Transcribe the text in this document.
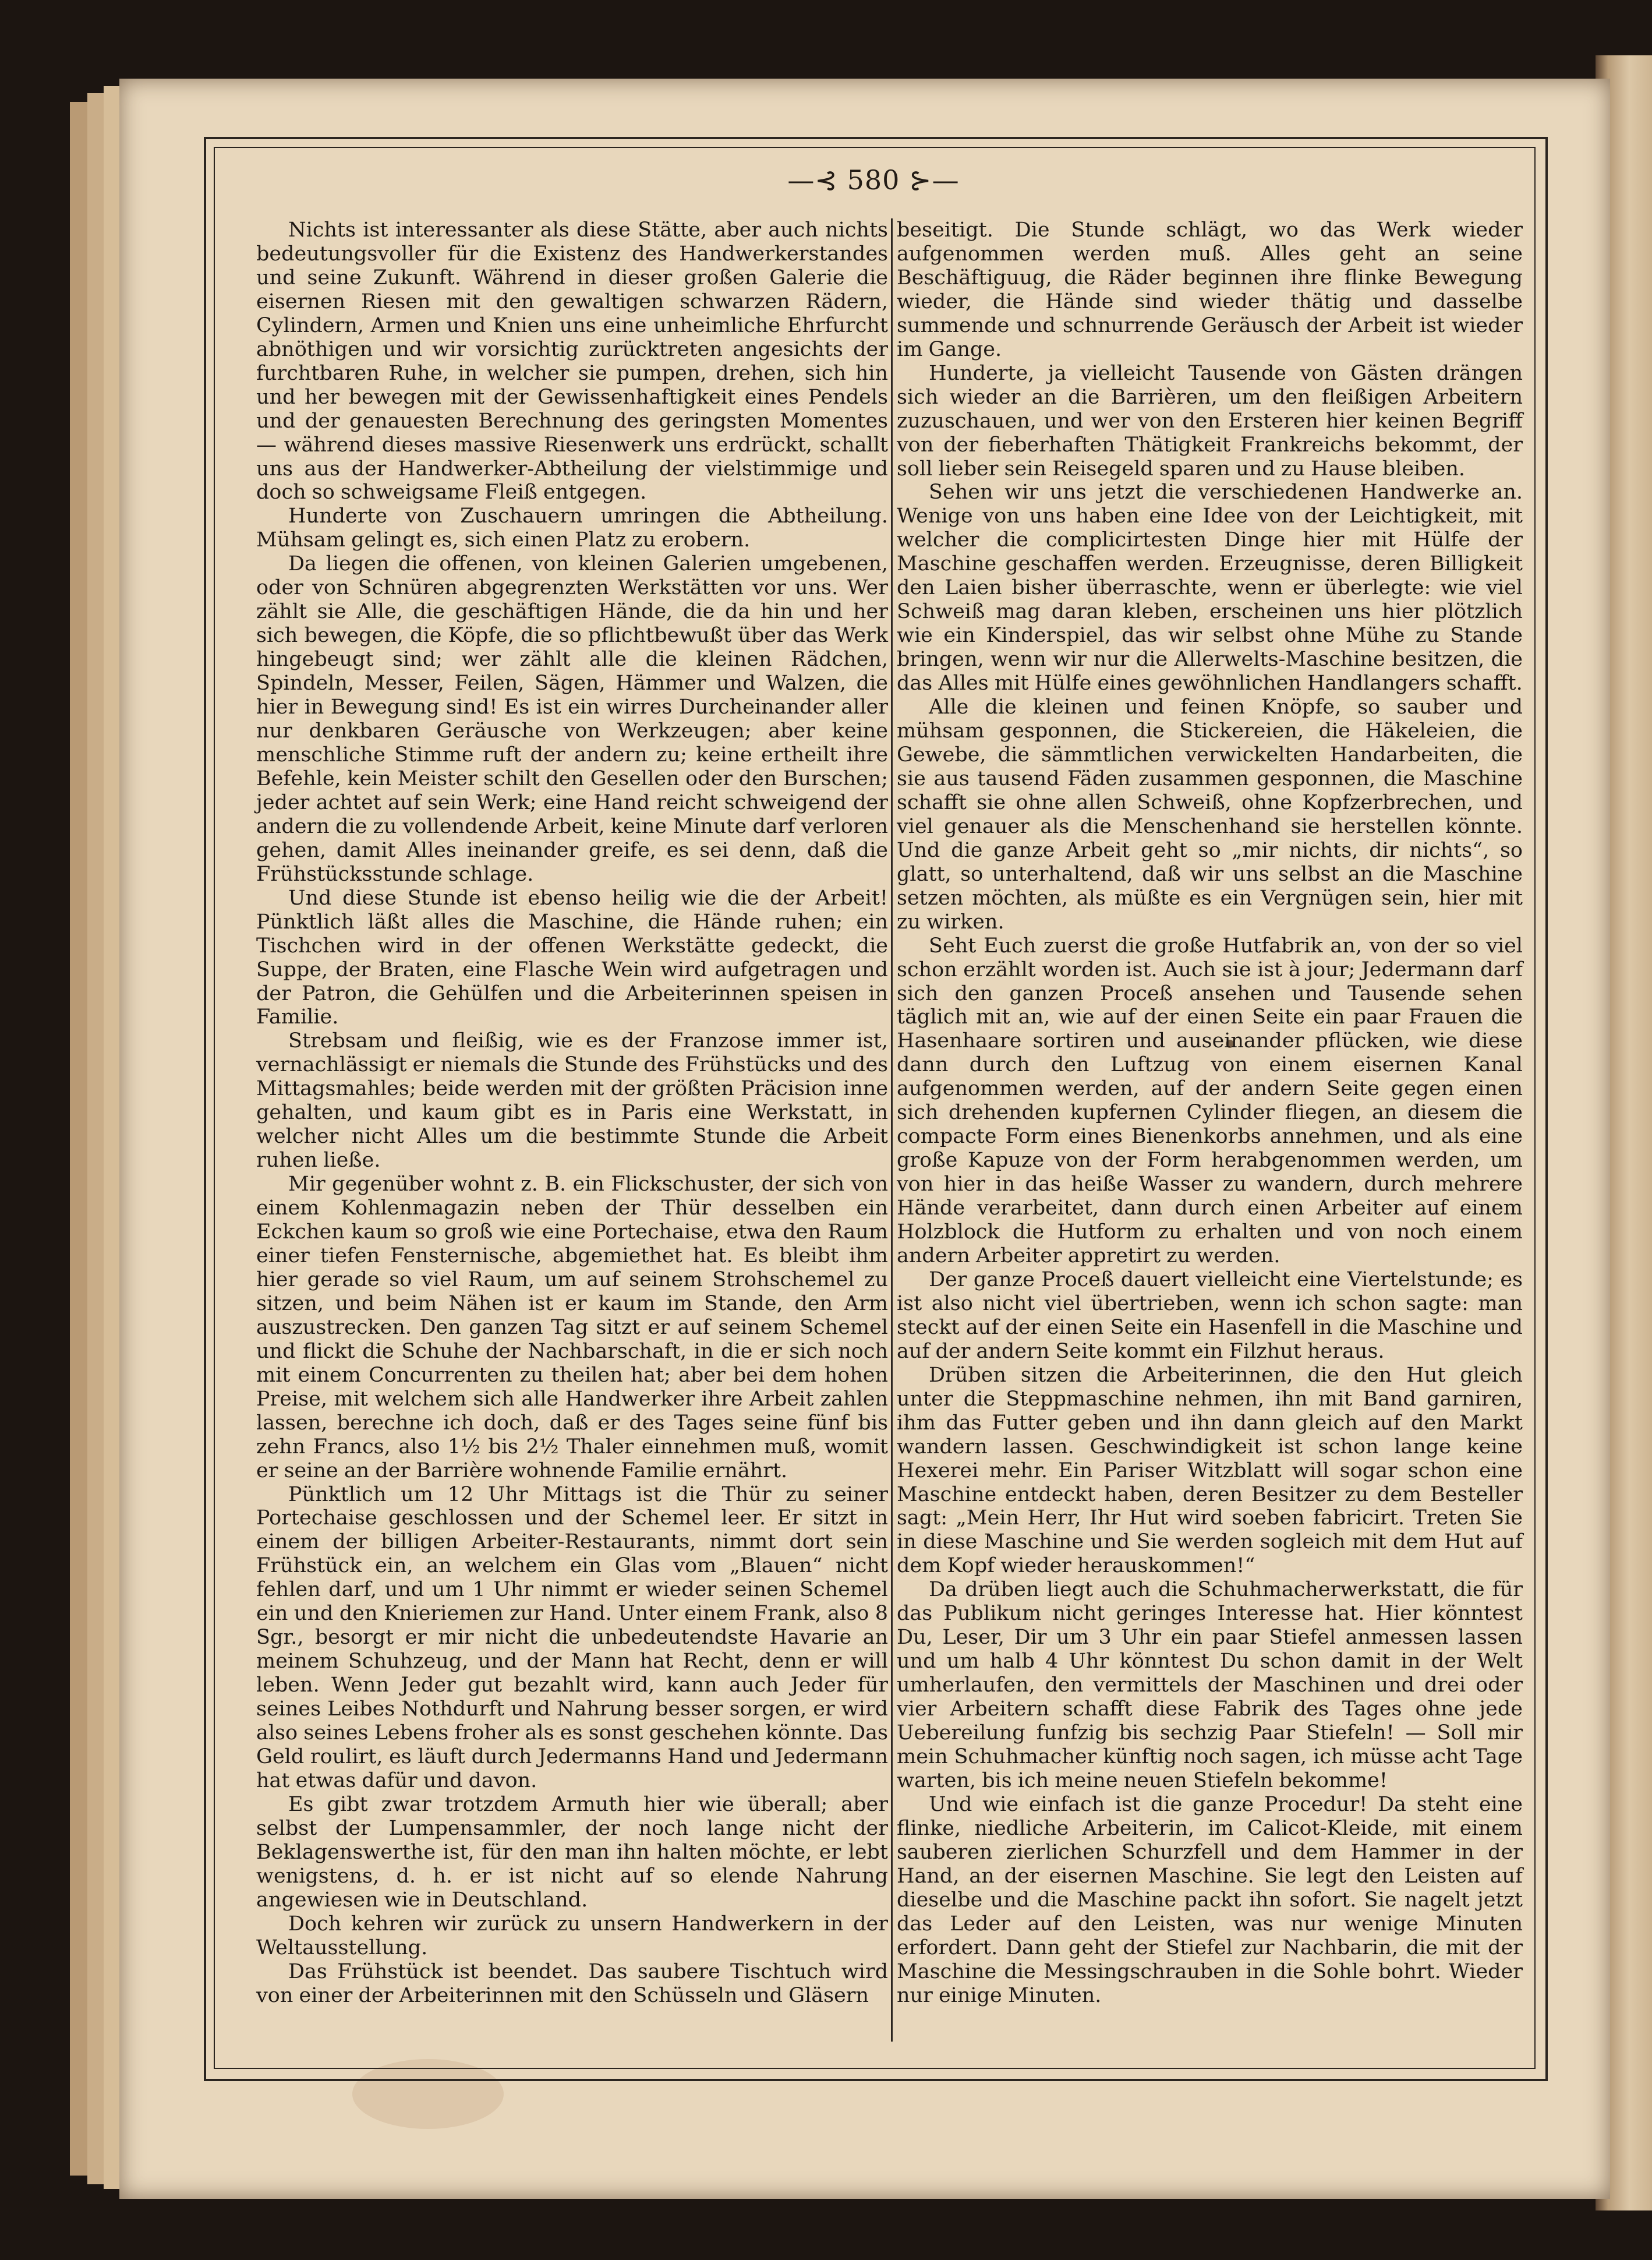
—⊰ 580 ⊱—

Nichts ist interessanter als diese Stätte, aber auch nichts bedeutungsvoller für die Existenz des Handwerkerstandes und seine Zukunft. Während in dieser großen Galerie die eisernen Riesen mit den gewaltigen schwarzen Rädern, Cylindern, Armen und Knien uns eine unheimliche Ehrfurcht abnöthigen und wir vorsichtig zurücktreten angesichts der furchtbaren Ruhe, in welcher sie pumpen, drehen, sich hin und her bewegen mit der Gewissenhaftigkeit eines Pendels und der genauesten Berechnung des geringsten Momentes — während dieses massive Riesenwerk uns erdrückt, schallt uns aus der Handwerker-Abtheilung der vielstimmige und doch so schweigsame Fleiß entgegen.

Hunderte von Zuschauern umringen die Abtheilung. Mühsam gelingt es, sich einen Platz zu erobern.

Da liegen die offenen, von kleinen Galerien umgebenen, oder von Schnüren abgegrenzten Werkstätten vor uns. Wer zählt sie Alle, die geschäftigen Hände, die da hin und her sich bewegen, die Köpfe, die so pflichtbewußt über das Werk hingebeugt sind; wer zählt alle die kleinen Rädchen, Spindeln, Messer, Feilen, Sägen, Hämmer und Walzen, die hier in Bewegung sind! Es ist ein wirres Durcheinander aller nur denkbaren Geräusche von Werkzeugen; aber keine menschliche Stimme ruft der andern zu; keine ertheilt ihre Befehle, kein Meister schilt den Gesellen oder den Burschen; jeder achtet auf sein Werk; eine Hand reicht schweigend der andern die zu vollendende Arbeit, keine Minute darf verloren gehen, damit Alles ineinander greife, es sei denn, daß die Frühstücksstunde schlage.

Und diese Stunde ist ebenso heilig wie die der Arbeit! Pünktlich läßt alles die Maschine, die Hände ruhen; ein Tischchen wird in der offenen Werkstätte gedeckt, die Suppe, der Braten, eine Flasche Wein wird aufgetragen und der Patron, die Gehülfen und die Arbeiterinnen speisen in Familie.

Strebsam und fleißig, wie es der Franzose immer ist, vernachlässigt er niemals die Stunde des Frühstücks und des Mittagsmahles; beide werden mit der größten Präcision inne gehalten, und kaum gibt es in Paris eine Werkstatt, in welcher nicht Alles um die bestimmte Stunde die Arbeit ruhen ließe.

Mir gegenüber wohnt z. B. ein Flickschuster, der sich von einem Kohlenmagazin neben der Thür desselben ein Eckchen kaum so groß wie eine Portechaise, etwa den Raum einer tiefen Fensternische, abgemiethet hat. Es bleibt ihm hier gerade so viel Raum, um auf seinem Strohschemel zu sitzen, und beim Nähen ist er kaum im Stande, den Arm auszustrecken. Den ganzen Tag sitzt er auf seinem Schemel und flickt die Schuhe der Nachbarschaft, in die er sich noch mit einem Concurrenten zu theilen hat; aber bei dem hohen Preise, mit welchem sich alle Handwerker ihre Arbeit zahlen lassen, berechne ich doch, daß er des Tages seine fünf bis zehn Francs, also 1½ bis 2½ Thaler einnehmen muß, womit er seine an der Barrière wohnende Familie ernährt.

Pünktlich um 12 Uhr Mittags ist die Thür zu seiner Portechaise geschlossen und der Schemel leer. Er sitzt in einem der billigen Arbeiter-Restaurants, nimmt dort sein Frühstück ein, an welchem ein Glas vom „Blauen“ nicht fehlen darf, und um 1 Uhr nimmt er wieder seinen Schemel ein und den Knieriemen zur Hand. Unter einem Frank, also 8 Sgr., besorgt er mir nicht die unbedeutendste Havarie an meinem Schuhzeug, und der Mann hat Recht, denn er will leben. Wenn Jeder gut bezahlt wird, kann auch Jeder für seines Leibes Nothdurft und Nahrung besser sorgen, er wird also seines Lebens froher als es sonst geschehen könnte. Das Geld roulirt, es läuft durch Jedermanns Hand und Jedermann hat etwas dafür und davon.

Es gibt zwar trotzdem Armuth hier wie überall; aber selbst der Lumpensammler, der noch lange nicht der Beklagenswerthe ist, für den man ihn halten möchte, er lebt wenigstens, d. h. er ist nicht auf so elende Nahrung angewiesen wie in Deutschland.

Doch kehren wir zurück zu unsern Handwerkern in der Weltausstellung.

Das Frühstück ist beendet. Das saubere Tischtuch wird von einer der Arbeiterinnen mit den Schüsseln und Gläsern

beseitigt. Die Stunde schlägt, wo das Werk wieder aufgenommen werden muß. Alles geht an seine Beschäftiguug, die Räder beginnen ihre flinke Bewegung wieder, die Hände sind wieder thätig und dasselbe summende und schnurrende Geräusch der Arbeit ist wieder im Gange.

Hunderte, ja vielleicht Tausende von Gästen drängen sich wieder an die Barrièren, um den fleißigen Arbeitern zuzuschauen, und wer von den Ersteren hier keinen Begriff von der fieberhaften Thätigkeit Frankreichs bekommt, der soll lieber sein Reisegeld sparen und zu Hause bleiben.

Sehen wir uns jetzt die verschiedenen Handwerke an. Wenige von uns haben eine Idee von der Leichtigkeit, mit welcher die complicirtesten Dinge hier mit Hülfe der Maschine geschaffen werden. Erzeugnisse, deren Billigkeit den Laien bisher überraschte, wenn er überlegte: wie viel Schweiß mag daran kleben, erscheinen uns hier plötzlich wie ein Kinderspiel, das wir selbst ohne Mühe zu Stande bringen, wenn wir nur die Allerwelts-Maschine besitzen, die das Alles mit Hülfe eines gewöhnlichen Handlangers schafft.

Alle die kleinen und feinen Knöpfe, so sauber und mühsam gesponnen, die Stickereien, die Häkeleien, die Gewebe, die sämmtlichen verwickelten Handarbeiten, die sie aus tausend Fäden zusammen gesponnen, die Maschine schafft sie ohne allen Schweiß, ohne Kopfzerbrechen, und viel genauer als die Menschenhand sie herstellen könnte. Und die ganze Arbeit geht so „mir nichts, dir nichts“, so glatt, so unterhaltend, daß wir uns selbst an die Maschine setzen möchten, als müßte es ein Vergnügen sein, hier mit zu wirken.

Seht Euch zuerst die große Hutfabrik an, von der so viel schon erzählt worden ist. Auch sie ist à jour; Jedermann darf sich den ganzen Proceß ansehen und Tausende sehen täglich mit an, wie auf der einen Seite ein paar Frauen die Hasenhaare sortiren und auseinander pflücken, wie diese dann durch den Luftzug von einem eisernen Kanal aufgenommen werden, auf der andern Seite gegen einen sich drehenden kupfernen Cylinder fliegen, an diesem die compacte Form eines Bienenkorbs annehmen, und als eine große Kapuze von der Form herabgenommen werden, um von hier in das heiße Wasser zu wandern, durch mehrere Hände verarbeitet, dann durch einen Arbeiter auf einem Holzblock die Hutform zu erhalten und von noch einem andern Arbeiter appretirt zu werden.

Der ganze Proceß dauert vielleicht eine Viertelstunde; es ist also nicht viel übertrieben, wenn ich schon sagte: man steckt auf der einen Seite ein Hasenfell in die Maschine und auf der andern Seite kommt ein Filzhut heraus.

Drüben sitzen die Arbeiterinnen, die den Hut gleich unter die Steppmaschine nehmen, ihn mit Band garniren, ihm das Futter geben und ihn dann gleich auf den Markt wandern lassen. Geschwindigkeit ist schon lange keine Hexerei mehr. Ein Pariser Witzblatt will sogar schon eine Maschine entdeckt haben, deren Besitzer zu dem Besteller sagt: „Mein Herr, Ihr Hut wird soeben fabricirt. Treten Sie in diese Maschine und Sie werden sogleich mit dem Hut auf dem Kopf wieder herauskommen!“

Da drüben liegt auch die Schuhmacherwerkstatt, die für das Publikum nicht geringes Interesse hat. Hier könntest Du, Leser, Dir um 3 Uhr ein paar Stiefel anmessen lassen und um halb 4 Uhr könntest Du schon damit in der Welt umherlaufen, den vermittels der Maschinen und drei oder vier Arbeitern schafft diese Fabrik des Tages ohne jede Uebereilung funfzig bis sechzig Paar Stiefeln! — Soll mir mein Schuhmacher künftig noch sagen, ich müsse acht Tage warten, bis ich meine neuen Stiefeln bekomme!

Und wie einfach ist die ganze Procedur! Da steht eine flinke, niedliche Arbeiterin, im Calicot-Kleide, mit einem sauberen zierlichen Schurzfell und dem Hammer in der Hand, an der eisernen Maschine. Sie legt den Leisten auf dieselbe und die Maschine packt ihn sofort. Sie nagelt jetzt das Leder auf den Leisten, was nur wenige Minuten erfordert. Dann geht der Stiefel zur Nachbarin, die mit der Maschine die Messingschrauben in die Sohle bohrt. Wieder nur einige Minuten.
